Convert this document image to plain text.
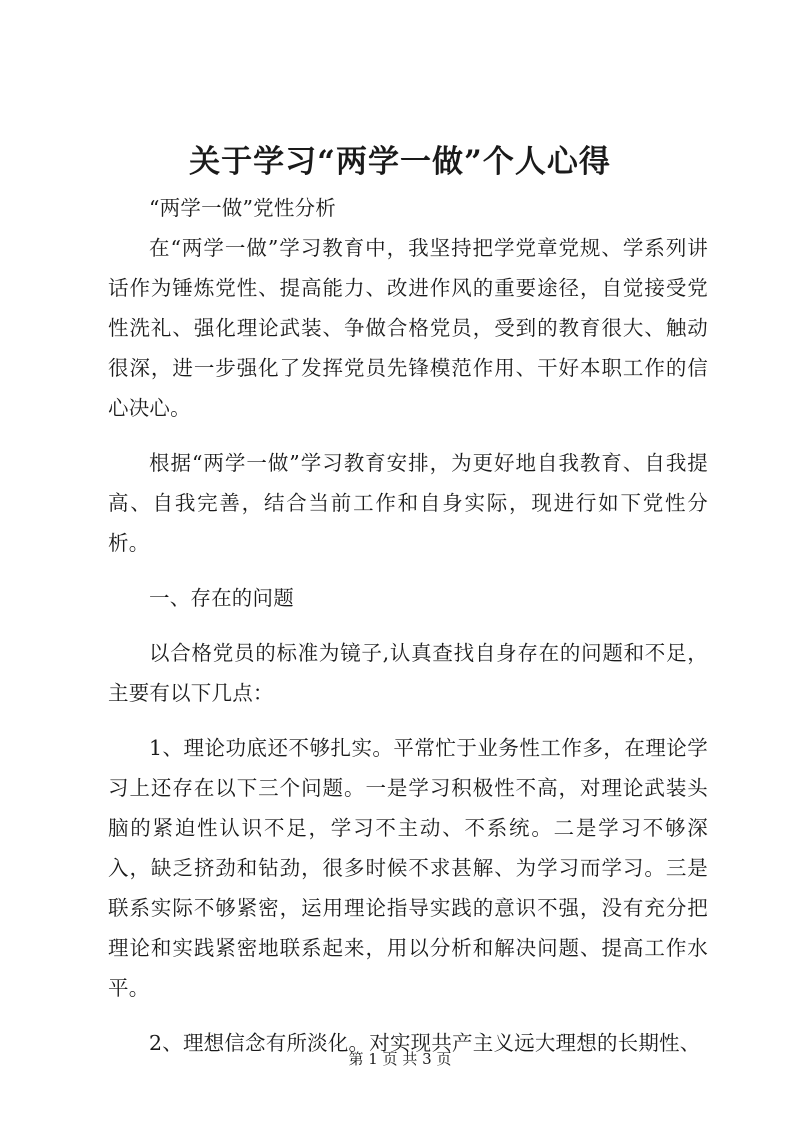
关于学习“两学一做”个人心得

“两学一做”党性分析

在“两学一做”学习教育中，我坚持把学党章党规、学系列讲话作为锤炼党性、提高能力、改进作风的重要途径，自觉接受党性洗礼、强化理论武装、争做合格党员，受到的教育很大、触动很深，进一步强化了发挥党员先锋模范作用、干好本职工作的信心决心。

根据“两学一做”学习教育安排，为更好地自我教育、自我提高、自我完善，结合当前工作和自身实际，现进行如下党性分析。

一、存在的问题

以合格党员的标准为镜子,认真查找自身存在的问题和不足，主要有以下几点：

1、理论功底还不够扎实。平常忙于业务性工作多，在理论学习上还存在以下三个问题。一是学习积极性不高，对理论武装头脑的紧迫性认识不足，学习不主动、不系统。二是学习不够深入，缺乏挤劲和钻劲，很多时候不求甚解、为学习而学习。三是联系实际不够紧密，运用理论指导实践的意识不强，没有充分把理论和实践紧密地联系起来，用以分析和解决问题、提高工作水平。

2、理想信念有所淡化。对实现共产主义远大理想的长期性、

第 1 页 共 3 页
